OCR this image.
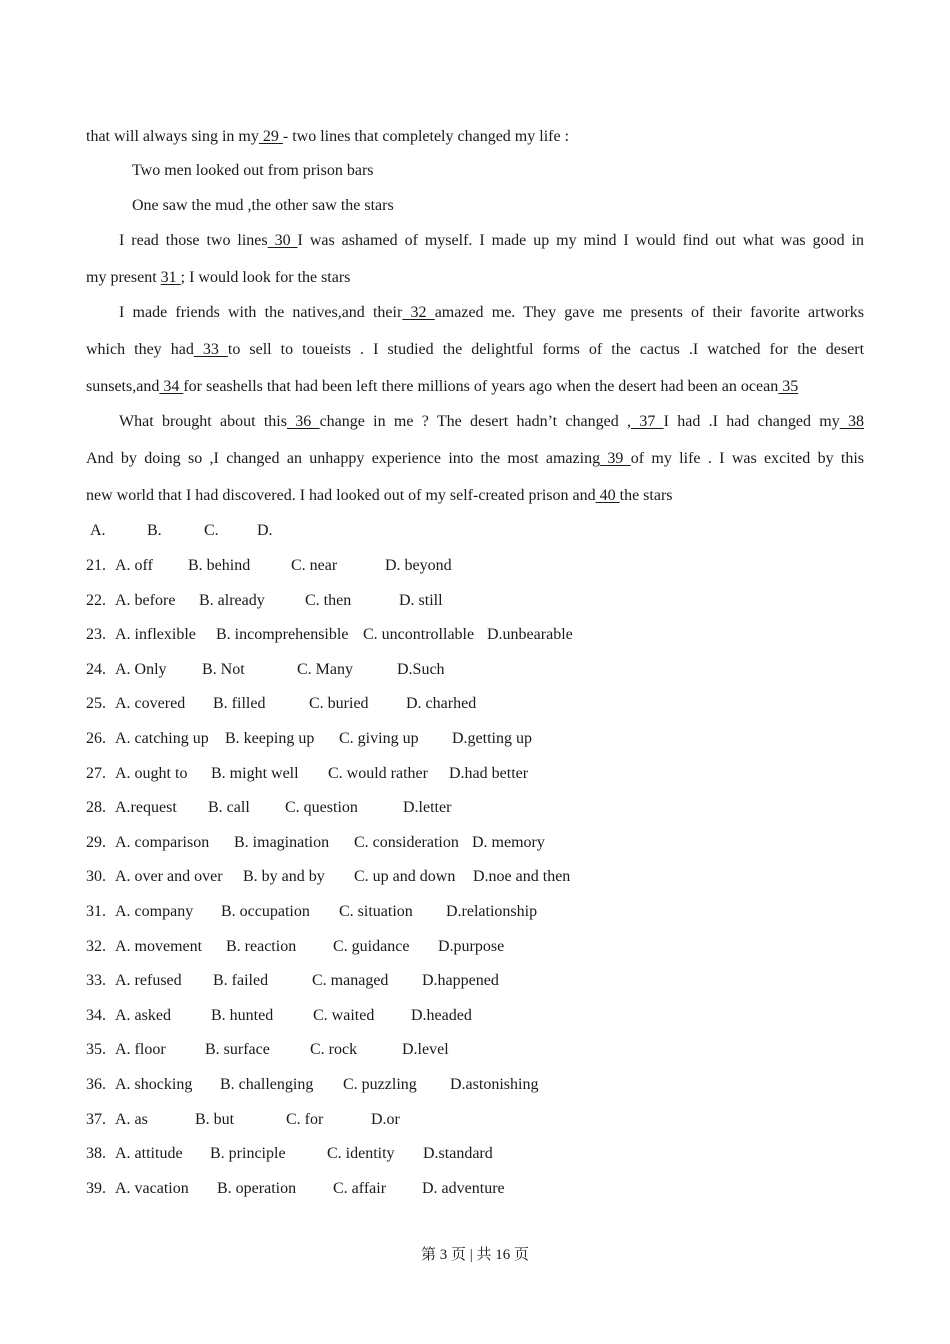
that will always sing in my 29 - two lines that completely changed my life :
Two men looked out from prison bars
One saw the mud ,the other saw the stars
I read those two lines 30 I was ashamed of myself. I made up my mind I would find out what was good in
my present 31 ; I would look for the stars
I made friends with the natives,and their 32 amazed me. They gave me presents of their favorite artworks
which they had 33 to sell to toueists . I studied the delightful forms of the cactus .I watched for the desert
sunsets,and 34 for seashells that had been left there millions of years ago when the desert had been an ocean 35
What brought about this 36 change in me ? The desert hadn’t changed , 37 I had .I had changed my 38
And by doing so ,I changed an unhappy experience into the most amazing 39 of my life . I was excited by this
new world that I had discovered. I had looked out of my self-created prison and 40 the stars
A.	B.	C. D.
21. A. off B. behind	C. near	D. beyond
22. A. before B. already	C. then	D. still
23. A. inflexible B. incomprehensible C. uncontrollable D.unbearable
24. A. Only B. Not	C. Many	D.Such
25. A. covered B. filled	C. buried D. charhed
26. A. catching up B. keeping up C. giving up D.getting up
27. A. ought to B. might well C. would rather D.had better
28. A.request B. call C. question	D.letter
29. A. comparison B. imagination C. consideration D. memory
30. A. over and over B. by and by C. up and down D.noe and then
31. A. company B. occupation C. situation D.relationship
32. A. movement B. reaction C. guidance D.purpose
33. A. refused B. failed	C. managed D.happened
34. A. asked	B. hunted C. waited D.headed
35. A. floor B. surface	C. rock	D.level
36. A. shocking B. challenging C. puzzling D.astonishing
37. A. as	B. but	C. for	D.or
38. A. attitude B. principle	C. identity D.standard
39. A. vacation B. operation C. affair D. adventure
第 3 页 | 共 16 页
